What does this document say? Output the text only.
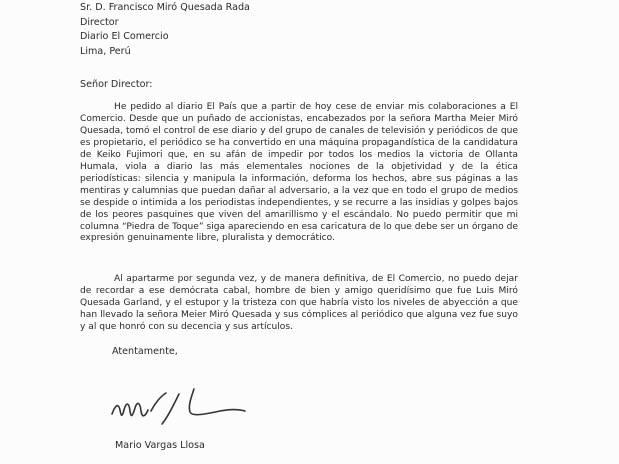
Sr. D. Francisco Miró Quesada Rada
Director
Diario El Comercio
Lima, Perú
Señor Director:

He pedido al diario El País que a partir de hoy cese de enviar mis colaboraciones a El Comercio. Desde que un puñado de accionistas, encabezados por la señora Martha Meier Miró Quesada, tomó el control de ese diario y del grupo de canales de televisión y periódicos de que es propietario, el periódico se ha convertido en una máquina propagandística de la candidatura de Keiko Fujimori que, en su afán de impedir por todos los medios la victoria de Ollanta Humala, viola a diario las más elementales nociones de la objetividad y de la ética periodísticas: silencia y manipula la información, deforma los hechos, abre sus páginas a las mentiras y calumnias que puedan dañar al adversario, a la vez que en todo el grupo de medios se despide o intimida a los periodistas independientes, y se recurre a las insidias y golpes bajos de los peores pasquines que viven del amarillismo y el escándalo. No puedo permitir que mi columna “Piedra de Toque” siga apareciendo en esa caricatura de lo que debe ser un órgano de expresión genuinamente libre, pluralista y democrático.

Al apartarme por segunda vez, y de manera definitiva, de El Comercio, no puedo dejar de recordar a ese demócrata cabal, hombre de bien y amigo queridísimo que fue Luis Miró Quesada Garland, y el estupor y la tristeza con que habría visto los niveles de abyección a que han llevado la señora Meier Miró Quesada y sus cómplices al periódico que alguna vez fue suyo y al que honró con su decencia y sus artículos.

Atentamente,
Mario Vargas Llosa
